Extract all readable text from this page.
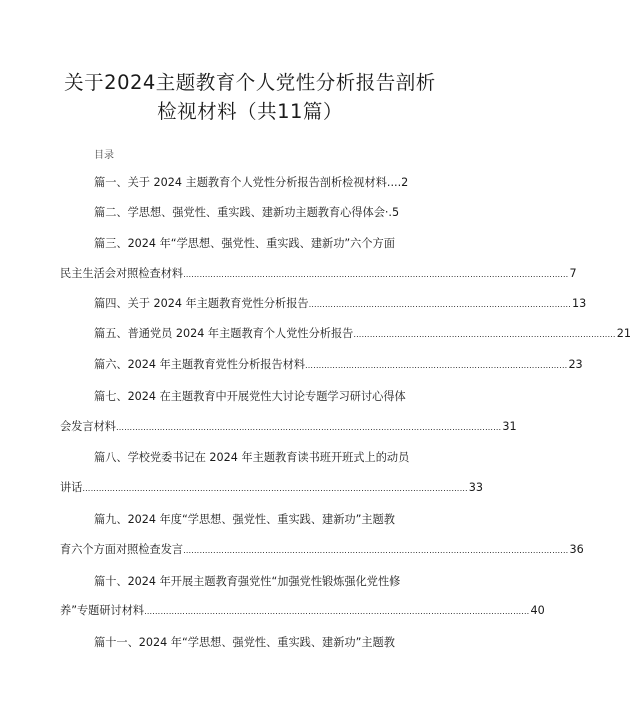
关于2024主题教育个人党性分析报告剖析
检视材料（共11篇）
目录
篇一、关于 2024 主题教育个人党性分析报告剖析检视材料....2
篇二、学思想、强党性、重实践、建新功主题教育心得体会·.5
篇三、2024 年“学思想、强党性、重实践、建新功”六个方面
民主生活会对照检查材料 …………………………………………………………………………………………………………………………… 7
篇四、关于 2024 年主题教育党性分析报告 …………………………………………………………………………………… 13
篇五、普通党员 2024 年主题教育个人党性分析报告 …………………………………………………………………………………… 21
篇六、2024 年主题教育党性分析报告材料 …………………………………………………………………………………… 23
篇七、2024 在主题教育中开展党性大讨论专题学习研讨心得体
会发言材料 …………………………………………………………………………………………………………………………… 31
篇八、学校党委书记在 2024 年主题教育读书班开班式上的动员
讲话 …………………………………………………………………………………………………………………………… 33
篇九、2024 年度“学思想、强党性、重实践、建新功”主题教
育六个方面对照检查发言 …………………………………………………………………………………………………………………………… 36
篇十、2024 年开展主题教育强党性“加强党性锻炼强化党性修
养”专题研讨材料 …………………………………………………………………………………………………………………………… 40
篇十一、2024 年“学思想、强党性、重实践、建新功”主题教
